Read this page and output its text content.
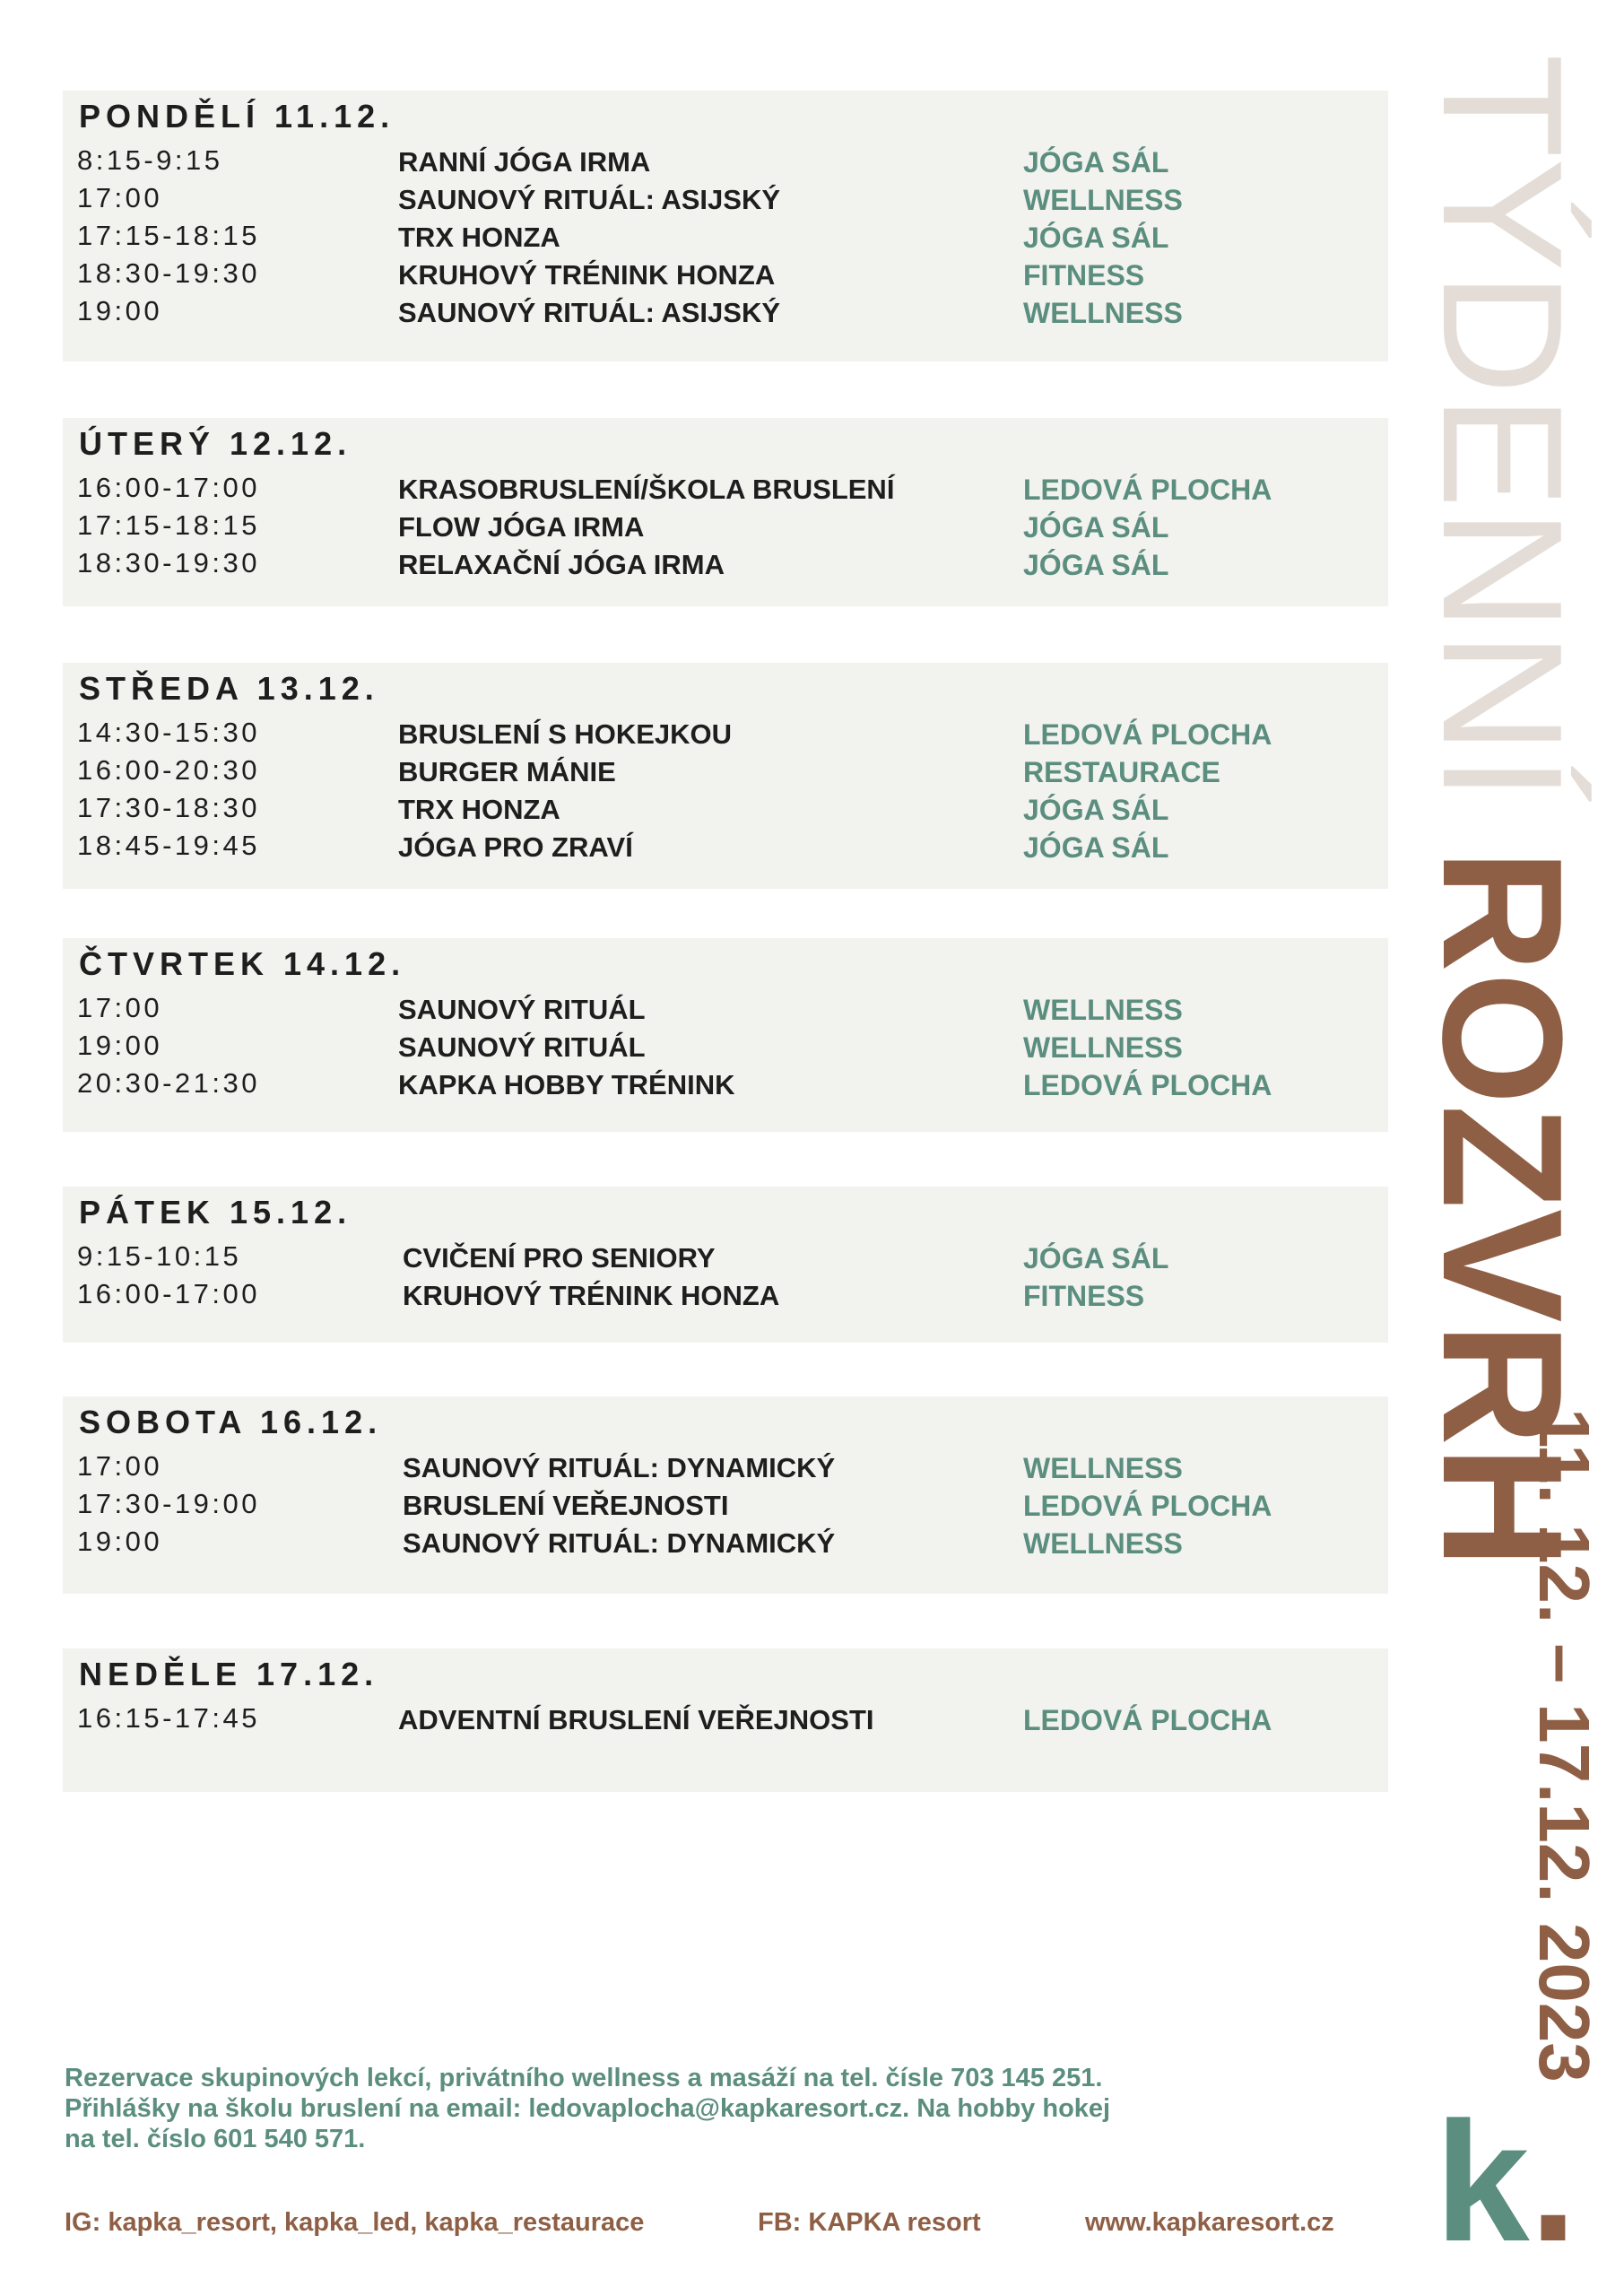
PONDĚLÍ 11.12.
8:15-9:15	RANNÍ JÓGA IRMA	JÓGA SÁL
17:00	SAUNOVÝ RITUÁL: ASIJSKÝ	WELLNESS
17:15-18:15	TRX HONZA	JÓGA SÁL
18:30-19:30	KRUHOVÝ TRÉNINK HONZA	FITNESS
19:00	SAUNOVÝ RITUÁL: ASIJSKÝ	WELLNESS
ÚTERÝ 12.12.
16:00-17:00	KRASOBRUSLENÍ/ŠKOLA BRUSLENÍ	LEDOVÁ PLOCHA
17:15-18:15	FLOW JÓGA IRMA	JÓGA SÁL
18:30-19:30	RELAXAČNÍ JÓGA IRMA	JÓGA SÁL
STŘEDA 13.12.
14:30-15:30	BRUSLENÍ S HOKEJKOU	LEDOVÁ PLOCHA
16:00-20:30	BURGER MÁNIE	RESTAURACE
17:30-18:30	TRX HONZA	JÓGA SÁL
18:45-19:45	JÓGA PRO ZRAVÍ	JÓGA SÁL
ČTVRTEK 14.12.
17:00	SAUNOVÝ RITUÁL	WELLNESS
19:00	SAUNOVÝ RITUÁL	WELLNESS
20:30-21:30	KAPKA HOBBY TRÉNINK	LEDOVÁ PLOCHA
PÁTEK 15.12.
9:15-10:15	CVIČENÍ PRO SENIORY	JÓGA SÁL
16:00-17:00	KRUHOVÝ TRÉNINK HONZA	FITNESS
SOBOTA 16.12.
17:00	SAUNOVÝ RITUÁL: DYNAMICKÝ	WELLNESS
17:30-19:00	BRUSLENÍ VEŘEJNOSTI	LEDOVÁ PLOCHA
19:00	SAUNOVÝ RITUÁL: DYNAMICKÝ	WELLNESS
NEDĚLE 17.12.
16:15-17:45	ADVENTNÍ BRUSLENÍ VEŘEJNOSTI	LEDOVÁ PLOCHA
TÝDENNÍ ROZVRH
11. 12. – 17.12. 2023
Rezervace skupinových lekcí, privátního wellness a masáží na tel. čísle 703 145 251.
Přihlášky na školu bruslení na email: ledovaplocha@kapkaresort.cz. Na hobby hokej
na tel. číslo 601 540 571.
IG: kapka_resort, kapka_led, kapka_restaurace	FB: KAPKA resort	www.kapkaresort.cz k.
